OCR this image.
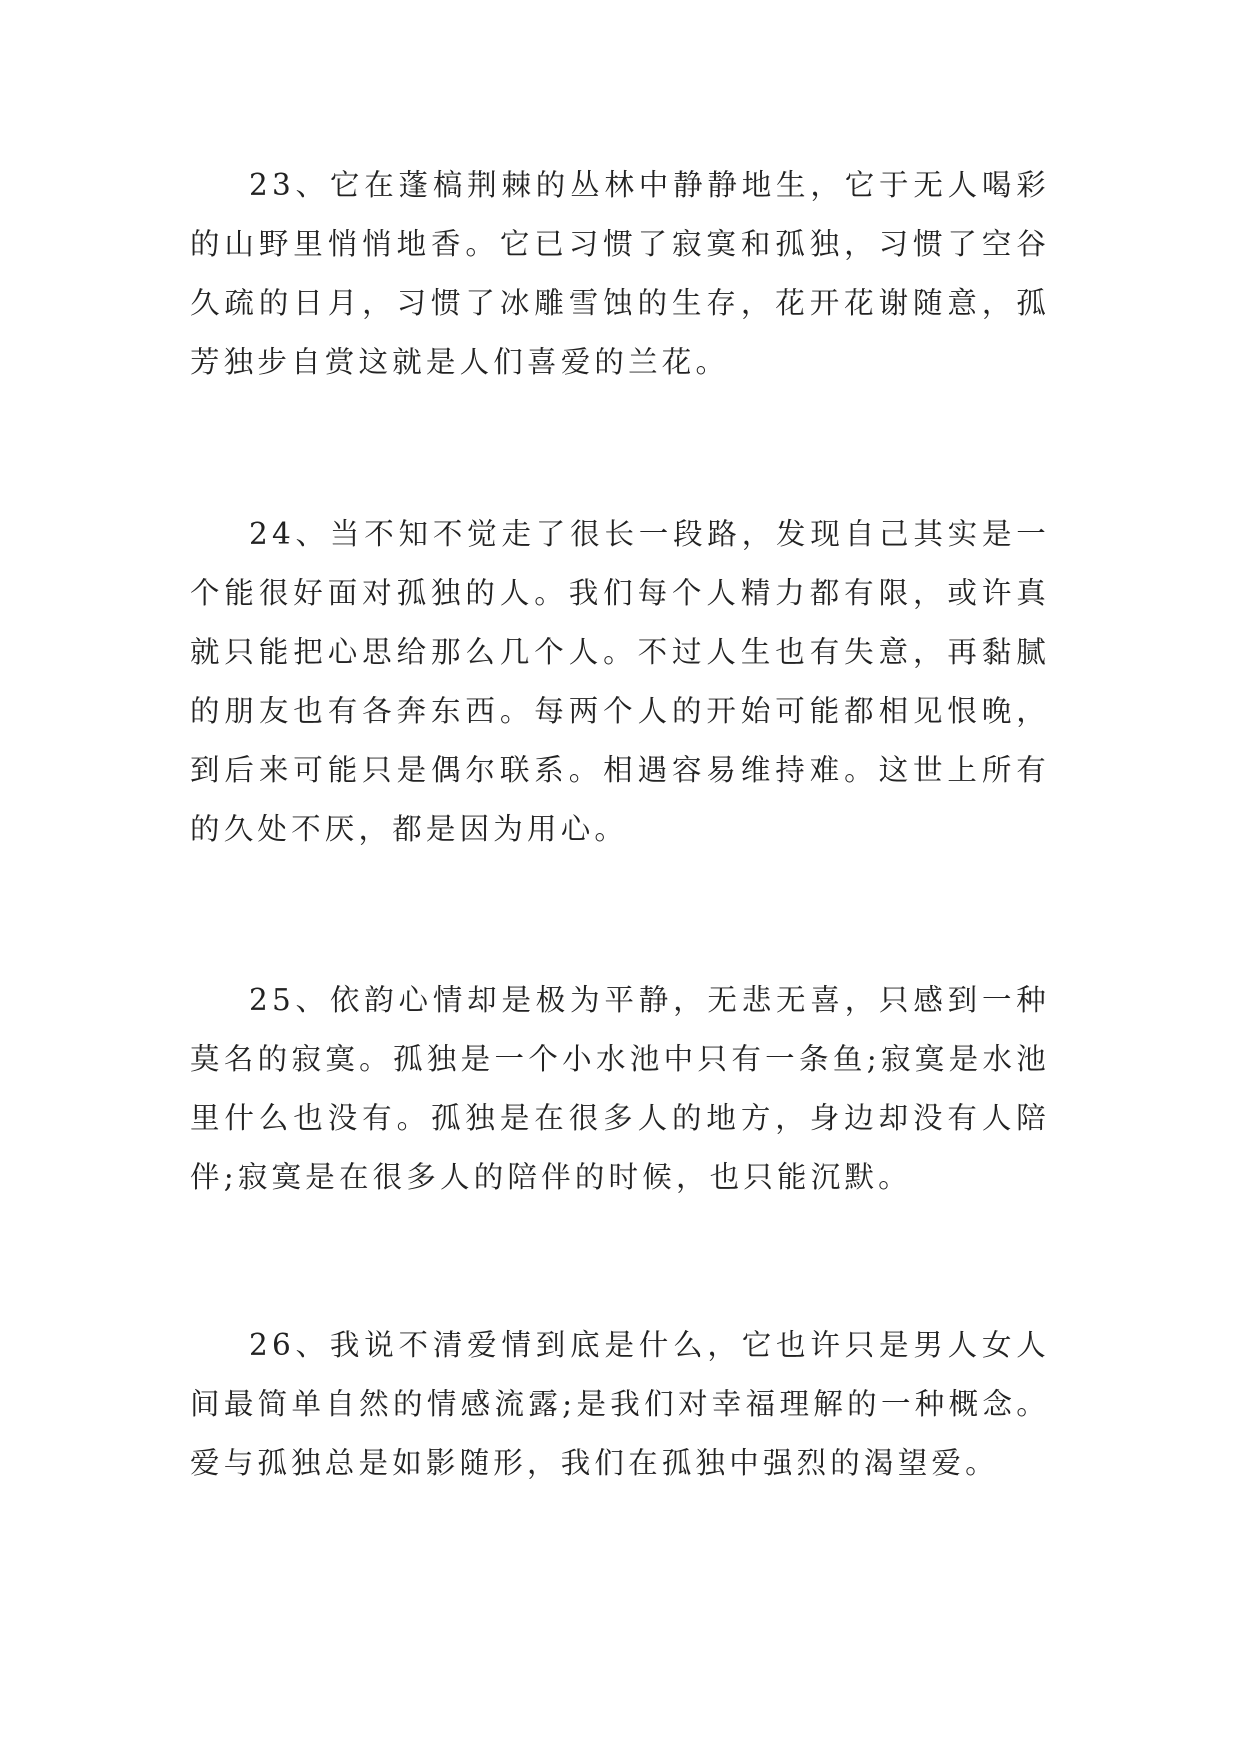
23、它在蓬槁荆棘的丛林中静静地生，它于无人喝彩的山野里悄悄地香。它已习惯了寂寞和孤独，习惯了空谷久疏的日月，习惯了冰雕雪蚀的生存，花开花谢随意，孤芳独步自赏这就是人们喜爱的兰花。

24、当不知不觉走了很长一段路，发现自己其实是一个能很好面对孤独的人。我们每个人精力都有限，或许真就只能把心思给那么几个人。不过人生也有失意，再黏腻的朋友也有各奔东西。每两个人的开始可能都相见恨晚，到后来可能只是偶尔联系。相遇容易维持难。这世上所有的久处不厌，都是因为用心。

25、依韵心情却是极为平静，无悲无喜，只感到一种莫名的寂寞。孤独是一个小水池中只有一条鱼;寂寞是水池里什么也没有。孤独是在很多人的地方，身边却没有人陪伴;寂寞是在很多人的陪伴的时候，也只能沉默。

26、我说不清爱情到底是什么，它也许只是男人女人间最简单自然的情感流露;是我们对幸福理解的一种概念。爱与孤独总是如影随形，我们在孤独中强烈的渴望爱。
